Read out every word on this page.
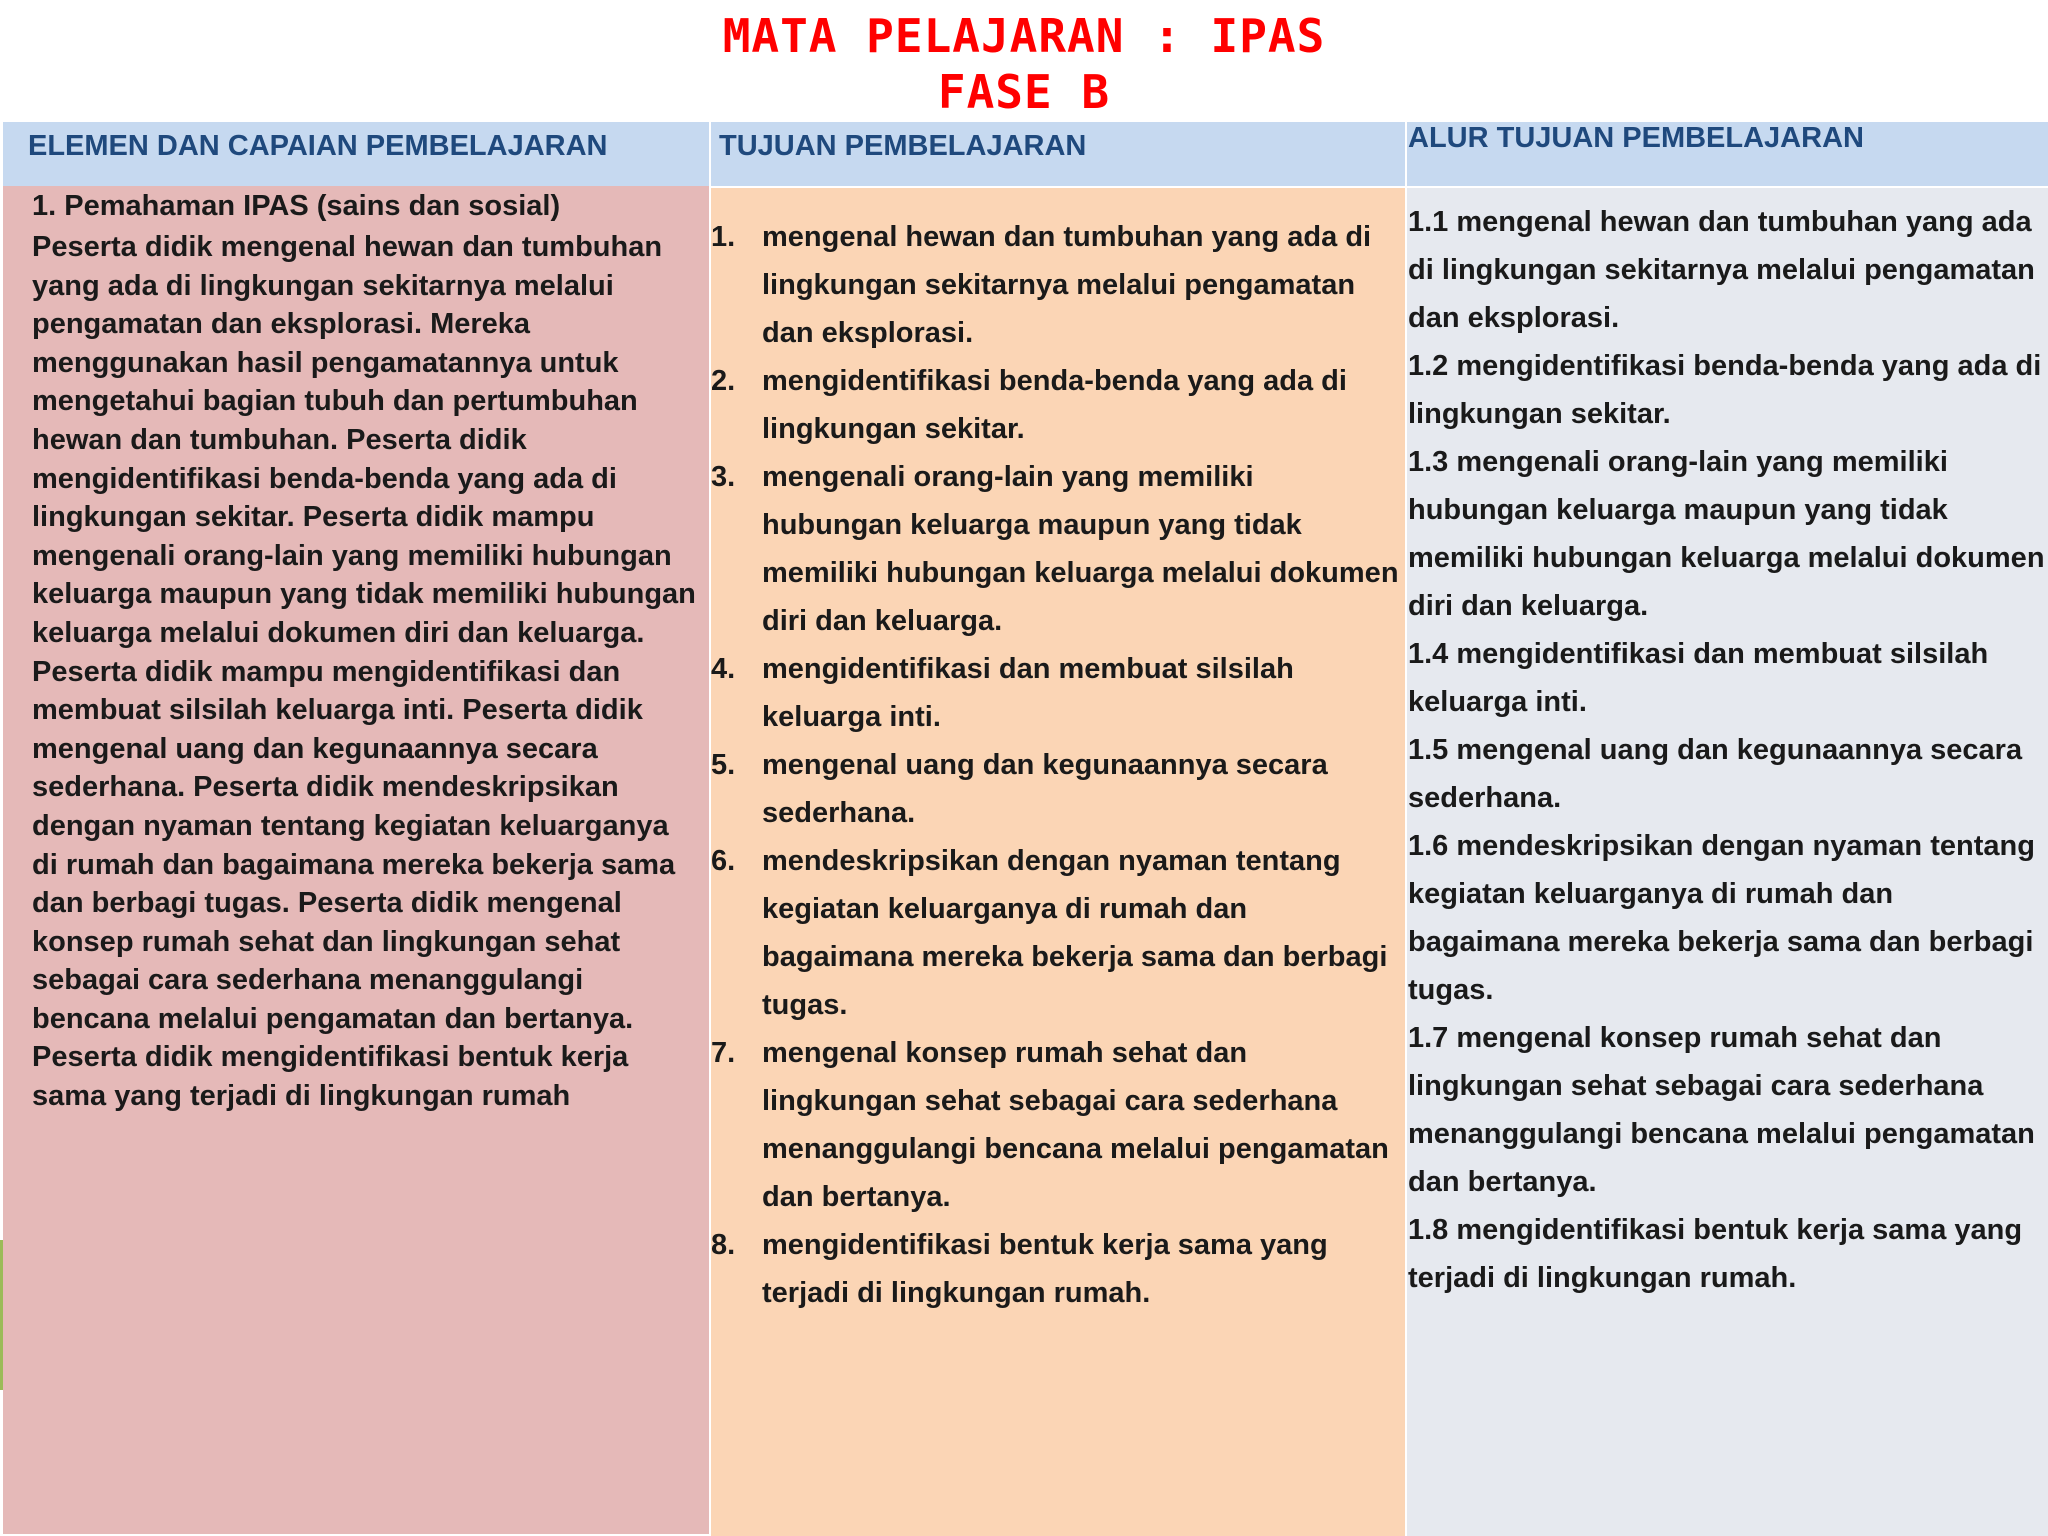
MATA PELAJARAN : IPAS
FASE B
ELEMEN DAN CAPAIAN PEMBELAJARAN
1. Pemahaman IPAS (sains dan sosial)
Peserta didik mengenal hewan dan tumbuhan yang ada di lingkungan sekitarnya melalui pengamatan dan eksplorasi. Mereka menggunakan hasil pengamatannya untuk mengetahui bagian tubuh dan pertumbuhan hewan dan tumbuhan. Peserta didik mengidentifikasi benda-benda yang ada di lingkungan sekitar. Peserta didik mampu mengenali orang-lain yang memiliki hubungan keluarga maupun yang tidak memiliki hubungan keluarga melalui dokumen diri dan keluarga. Peserta didik mampu mengidentifikasi dan membuat silsilah keluarga inti. Peserta didik mengenal uang dan kegunaannya secara sederhana. Peserta didik mendeskripsikan dengan nyaman tentang kegiatan keluarganya di rumah dan bagaimana mereka bekerja sama dan berbagi tugas. Peserta didik mengenal konsep rumah sehat dan lingkungan sehat sebagai cara sederhana menanggulangi bencana melalui pengamatan dan bertanya. Peserta didik mengidentifikasi bentuk kerja sama yang terjadi di lingkungan rumah
TUJUAN PEMBELAJARAN
1. mengenal hewan dan tumbuhan yang ada di lingkungan sekitarnya melalui pengamatan dan eksplorasi.
2. mengidentifikasi benda-benda yang ada di lingkungan sekitar.
3. mengenali orang-lain yang memiliki hubungan keluarga maupun yang tidak memiliki hubungan keluarga melalui dokumen diri dan keluarga.
4. mengidentifikasi dan membuat silsilah keluarga inti.
5. mengenal uang dan kegunaannya secara sederhana.
6. mendeskripsikan dengan nyaman tentang kegiatan keluarganya di rumah dan bagaimana mereka bekerja sama dan berbagi tugas.
7. mengenal konsep rumah sehat dan lingkungan sehat sebagai cara sederhana menanggulangi bencana melalui pengamatan dan bertanya.
8. mengidentifikasi bentuk kerja sama yang terjadi di lingkungan rumah.
ALUR TUJUAN PEMBELAJARAN
1.1 mengenal hewan dan tumbuhan yang ada di lingkungan sekitarnya melalui pengamatan dan eksplorasi.
1.2 mengidentifikasi benda-benda yang ada di lingkungan sekitar.
1.3 mengenali orang-lain yang memiliki hubungan keluarga maupun yang tidak memiliki hubungan keluarga melalui dokumen diri dan keluarga.
1.4 mengidentifikasi dan membuat silsilah keluarga inti.
1.5 mengenal uang dan kegunaannya secara sederhana.
1.6 mendeskripsikan dengan nyaman tentang kegiatan keluarganya di rumah dan bagaimana mereka bekerja sama dan berbagi tugas.
1.7 mengenal konsep rumah sehat dan lingkungan sehat sebagai cara sederhana menanggulangi bencana melalui pengamatan dan bertanya.
1.8 mengidentifikasi bentuk kerja sama yang terjadi di lingkungan rumah.
